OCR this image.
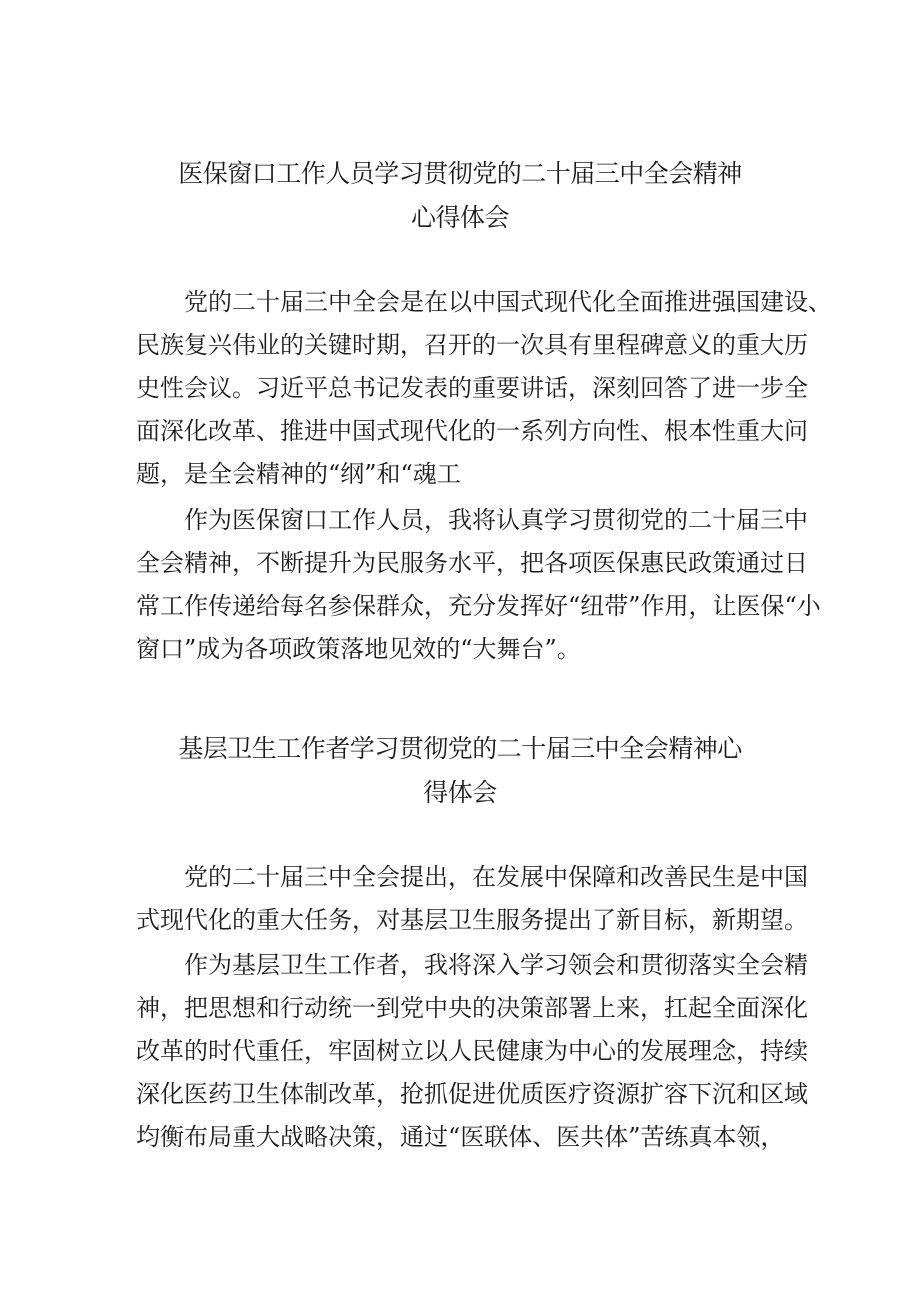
医保窗口工作人员学习贯彻党的二十届三中全会精神
心得体会

党的二十届三中全会是在以中国式现代化全面推进强国建设、

民族复兴伟业的关键时期，召开的一次具有里程碑意义的重大历

史性会议。习近平总书记发表的重要讲话，深刻回答了进一步全

面深化改革、推进中国式现代化的一系列方向性、根本性重大问

题，是全会精神的“纲”和“魂工

作为医保窗口工作人员，我将认真学习贯彻党的二十届三中

全会精神，不断提升为民服务水平，把各项医保惠民政策通过日

常工作传递给每名参保群众，充分发挥好“纽带”作用，让医保“小

窗口”成为各项政策落地见效的“大舞台”。

基层卫生工作者学习贯彻党的二十届三中全会精神心
得体会

党的二十届三中全会提出，在发展中保障和改善民生是中国

式现代化的重大任务，对基层卫生服务提出了新目标，新期望。

作为基层卫生工作者，我将深入学习领会和贯彻落实全会精

神，把思想和行动统一到党中央的决策部署上来，扛起全面深化

改革的时代重任，牢固树立以人民健康为中心的发展理念，持续

深化医药卫生体制改革，抢抓促进优质医疗资源扩容下沉和区域

均衡布局重大战略决策，通过“医联体、医共体”苦练真本领，
